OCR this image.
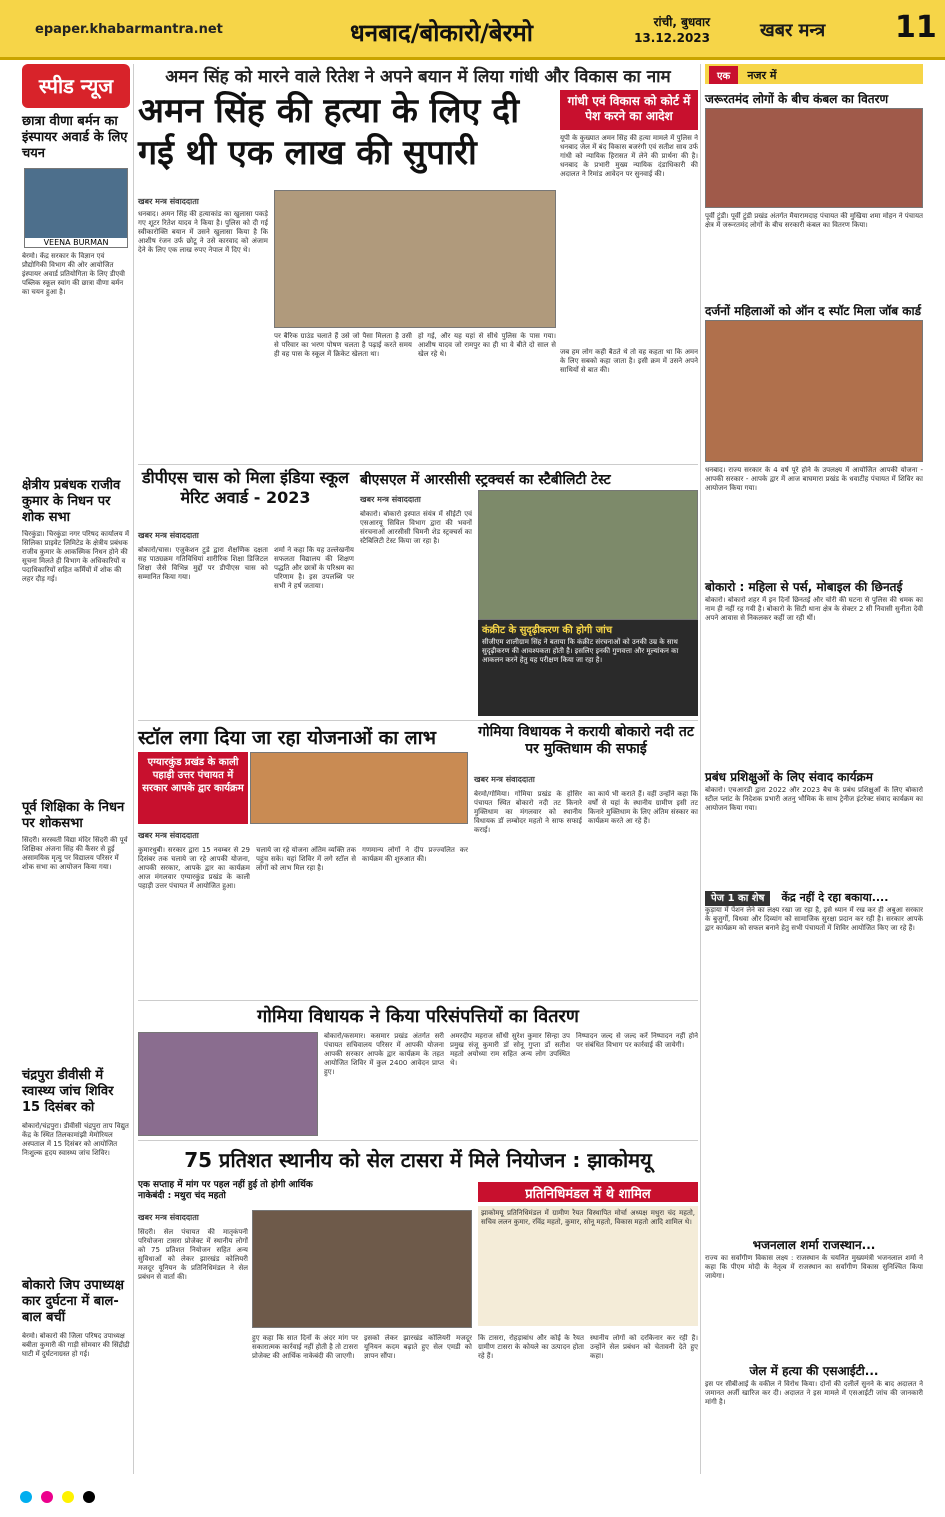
epaper.khabarmantra.net	धनबाद/बोकारो/बेरमो	रांची, बुधवार
13.12.2023	खबर मन्त्र 11
स्पीड न्यूज
छात्रा वीणा बर्मन का इंस्पायर अवार्ड के लिए चयन
VEENA BURMAN
बेरमो। केंद्र सरकार के विज्ञान एवं प्रौद्योगिकी विभाग की ओर आयोजित इंस्पायर अवार्ड प्रतियोगिता के लिए डीएवी पब्लिक स्कूल स्वांग की छात्रा वीणा बर्मन का चयन हुआ है।
क्षेत्रीय प्रबंधक राजीव कुमार के निधन पर शोक सभा
चिरकुंडा। चिरकुंडा नगर परिषद कार्यालय में सिलिका प्राइवेट लिमिटेड के क्षेत्रीय प्रबंधक राजीव कुमार के आकस्मिक निधन होने की सूचना मिलते ही विभाग के अधिकारियों व पदाधिकारियों सहित कर्मियों में शोक की लहर दौड़ गई।
पूर्व शिक्षिका के निधन पर शोकसभा
सिंदरी। सरस्वती विद्या मंदिर सिंदरी की पूर्व शिक्षिका अंजना सिंह की कैंसर से हुई असामयिक मृत्यु पर विद्यालय परिसर में शोक सभा का आयोजन किया गया।
चंद्रपुरा डीवीसी में स्वास्थ्य जांच शिविर 15 दिसंबर को
बोकारो/चंद्रपुरा। डीवीसी चंद्रपुरा ताप विद्युत केंद्र के स्थित तिलकामांझी मेमोरियल अस्पताल में 15 दिसंबर को आयोजित निःशुल्क हृदय स्वास्थ्य जांच शिविर।
बोकारो जिप उपाध्यक्ष कार दुर्घटना में बाल-बाल बचीं
बेरमो। बोकारो की जिला परिषद उपाध्यक्ष बबीता कुमारी की गाड़ी सोमवार की सिंद्रीद्री घाटी में दुर्घटनाग्रस्त हो गई।
अमन सिंह को मारने वाले रितेश ने अपने बयान में लिया गांधी और विकास का नाम
अमन सिंह की हत्या के लिए दी गई थी एक लाख की सुपारी
गांधी एवं विकास को कोर्ट में पेश करने का आदेश
खबर मन्त्र संवाददाता
धनबाद। अमन सिंह की हत्याकांड का खुलासा पकड़े गए शूटर रितेश यादव ने किया है। पुलिस को दी गई स्वीकारोक्ति बयान में उसने खुलासा किया है कि आशीष रंजन उर्फ छोटू ने उसे कारवाद को अंजाम देने के लिए एक लाख रुपए नेपाल में दिए थे।
पर बैरिक ग्राउंड चलाते हैं उसे जो पैसा मिलता है उसी से परिवार का भरण पोषण चलता है पढ़ाई करते समय ही वह पास के स्कूल में क्रिकेट खेलता था।
हो गई, और यह यहां से सीधे पुलिस के पास गया। आशीष यादव जो रामपुर का ही था वे बीते दो साल से खेल रहे थे।
यूपी के कुख्यात अमन सिंह की हत्या मामले में पुलिस ने धनबाद जेल में बंद विकास बजरंगी एवं सतीश साव उर्फ गांधी को न्यायिक हिरासत में लेने की प्रार्थना की है। धनबाद के प्रभारी मुख्य न्यायिक दंडाधिकारी की अदालत ने रिमांड आवेदन पर सुनवाई की।
जब हम लोग कही बैठते थे तो वह कहता था कि अमन के लिए सबको कहा जाता है। इसी क्रम में उसने अपने साथियों से बात की।
डीपीएस चास को मिला इंडिया स्कूल मेरिट अवार्ड - 2023
खबर मन्त्र संवाददाता
बोकारो/चास। एजुकेशन टुडे द्वारा शैक्षणिक दक्षता सह पाठ्यक्रम गतिविधियां शारीरिक शिक्षा डिजिटल शिक्षा जैसे विभिन्न मुद्दों पर डीपीएस चास को सम्मानित किया गया।
शर्मा ने कहा कि यह उल्लेखनीय सफलता विद्यालय की शिक्षण पद्धति और छात्रों के परिश्रम का परिणाम है। इस उपलब्धि पर सभी ने हर्ष जताया।
बीएसएल में आरसीसी स्ट्रक्चर्स का स्टैबीलिटी टेस्ट
खबर मन्त्र संवाददाता
बोकारो। बोकारो इस्पात संयंत्र में सीईटी एवं एसआरयू सिविल विभाग द्वारा की भवनों संरचनाओं आरसीसी चिमनी शेड स्ट्रक्चर्स का स्टैबिलिटी टेस्ट किया जा रहा है।
कंक्रीट के सुदृढ़ीकरण की होगी जांच
सीजीएम शालीग्राम सिंह ने बताया कि कंक्रीट संरचनाओं को उनकी उम्र के साथ सुदृढ़ीकरण की आवश्यकता होती है। इसलिए इनकी गुणवत्ता और मूल्यांकन का आकलन करने हेतु यह परीक्षण किया जा रहा है।
स्टॉल लगा दिया जा रहा योजनाओं का लाभ
एग्यारकुंड प्रखंड के काली पहाड़ी उत्तर पंचायत में सरकार आपके द्वार कार्यक्रम
खबर मन्त्र संवाददाता
कुमारधुबी। सरकार द्वारा 15 नवम्बर से 29 दिसंबर तक चलाये जा रहे आपकी योजना, आपकी सरकार, आपके द्वार का कार्यक्रम आज मंगलवार एग्यारकुंड प्रखंड के काली पहाड़ी उत्तर पंचायत में आयोजित हुआ।
चलाये जा रहे योजना अंतिम व्यक्ति तक पहुंच सके। यहां शिविर में लगे स्टॉल से लोगों को लाभ मिल रहा है।
गणमान्य लोगों ने दीप प्रज्ज्वलित कर कार्यक्रम की शुरुआत की।
गोमिया विधायक ने करायी बोकारो नदी तट पर मुक्तिधाम की सफाई
खबर मन्त्र संवाददाता
बेरमो/गोमिया। गोमिया प्रखंड के होसिर पंचायत स्थित बोकारो नदी तट किनारे मुक्तिधाम का मंगलवार को स्थानीय विधायक डॉ लम्बोदर महतो ने साफ सफाई कराई।
का कार्य भी कराते हैं। वहीं उन्होंने कहा कि वर्षों से यहां के स्थानीय ग्रामीण इसी तट किनारे मुक्तिधाम के लिए अंतिम संस्कार का कार्यक्रम करते आ रहे हैं।
गोमिया विधायक ने किया परिसंपत्तियों का वितरण
बोकारो/कसमार। कसमार प्रखंड अंतर्गत सरी पंचायत सचिवालय परिसर में आपकी योजना आपकी सरकार आपके द्वार कार्यक्रम के तहत आयोजित शिविर में कुल 2400 आवेदन प्राप्त हुए।
अमरदीप महराज सौंधी सुरेश कुमार सिन्हा उप प्रमुख संजू कुमारी डॉ सोनू गुप्ता डॉ सतीश महतो अयोध्या राम सहित अन्य लोग उपस्थित थे।
निष्पादन जल्द से जल्द करें निष्पादन नहीं होने पर संबंधित विभाग पर कार्रवाई की जायेगी।
75 प्रतिशत स्थानीय को सेल टासरा में मिले नियोजन : झाकोमयू
एक सप्ताह में मांग पर पहल नहीं हुई तो होगी आर्थिक नाकेबंदी : मथुरा चंद महतो
खबर मन्त्र संवाददाता
सिंदरी। सेल पंचायत की मातृकंपनी परियोजना टासरा प्रोजेक्ट में स्थानीय लोगों को 75 प्रतिशत नियोजन सहित अन्य सुविधाओं को लेकर झारखंड कोलियरी मजदूर यूनियन के प्रतिनिधिमंडल ने सेल प्रबंधन से वार्ता की।
हुए कहा कि सात दिनों के अंदर मांग पर सकारात्मक कार्रवाई नहीं होती है तो टासरा प्रोजेक्ट की आर्थिक नाकेबंदी की जाएगी।
इसको लेकर झारखंड कोलियरी मजदूर यूनियन कदम बढ़ाते हुए सेल एमडी को ज्ञापन सौंपा।
प्रतिनिधिमंडल में थे शामिल
झाकोमयू प्रतिनिधिमंडल में ग्रामीण रैयत विस्थापित मोर्चा अध्यक्ष मथुरा चंद महतो, सचिव ललन कुमार, रविंद्र महतो, कुमार, सोनू महतो, विकास महतो आदि शामिल थे।
कि टासरा, रोहड़ाबांध और कोई के रैयत ग्रामीण टासरा के कोयले का उत्पादन होता रहे हैं।
स्थानीय लोगों को दरकिनार कर रही है। उन्होंने सेल प्रबंधन को चेतावनी देते हुए कहा।
एक नजर में
जरूरतमंद लोगों के बीच कंबल का वितरण
पूर्वी टुंडी। पूर्वी टुंडी प्रखंड अंतर्गत मैयारामदाह पंचायत की मुखिया शमा मोहन ने पंचायत क्षेत्र में जरूरतमंद लोगों के बीच सरकारी कंबल का वितरण किया।
दर्जनों महिलाओं को ऑन द स्पॉट मिला जॉब कार्ड
धनबाद। राज्य सरकार के 4 वर्ष पूरे होने के उपलक्ष्य में आयोजित आपकी योजना - आपकी सरकार - आपके द्वार में आज बाघमारा प्रखंड के धवाटीह पंचायत में शिविर का आयोजन किया गया।
बोकारो : महिला से पर्स, मोबाइल की छिनतई
बोकारो। बोकारो शहर में इन दिनों छिनतई और चोरी की घटना से पुलिस की धमक का नाम ही नहीं रह गयी है। बोकारो के सिटी थाना क्षेत्र के सेक्टर 2 सी निवासी सुनीता देवी अपने आवास से निकलकर कहीं जा रही थीं।
प्रबंध प्रशिक्षुओं के लिए संवाद कार्यक्रम
बोकारो। एचआरडी द्वारा 2022 और 2023 बैच के प्रबंध प्रशिक्षुओं के लिए बोकारो स्टील प्लांट के निदेशक प्रभारी अतनु भौमिक के साथ ट्रेनीज इंटरेक्ट संवाद कार्यक्रम का आयोजन किया गया।
पेज 1 का शेष केंद्र नहीं दे रहा बकाया....
कुड़ाया में पेंशन लेने का लक्ष्य रखा जा रहा है, इसे ध्यान में रख कर ही अबुआ सरकार के बुजुर्गों, विधवा और दिव्यांग को सामाजिक सुरक्षा प्रदान कर रही है। सरकार आपके द्वार कार्यक्रम को सफल बनाने हेतु सभी पंचायतों में शिविर आयोजित किए जा रहे हैं।
भजनलाल शर्मा राजस्थान...
राज्य का सर्वांगीण विकास लक्ष्य : राजस्थान के चयनित मुख्यमंत्री भजनलाल शर्मा ने कहा कि पीएम मोदी के नेतृत्व में राजस्थान का सर्वांगीण विकास सुनिश्चित किया जायेगा।
जेल में हत्या की एसआईटी...
इस पर सीबीआई के वकील ने विरोध किया। दोनों की दलीलें सुनने के बाद अदालत ने जमानत अर्जी खारिज कर दी। अदालत ने इस मामले में एसआईटी जांच की जानकारी मांगी है।
